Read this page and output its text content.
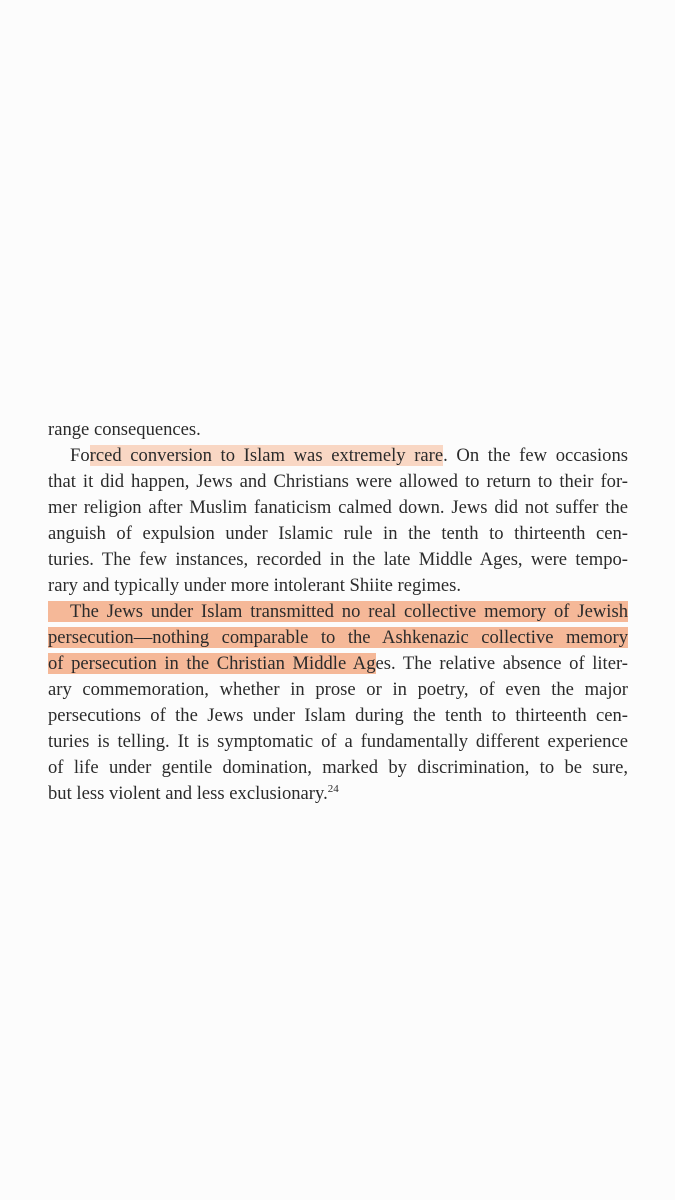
range consequences.
Forced conversion to Islam was extremely rare. On the few occasions
that it did happen, Jews and Christians were allowed to return to their for-
mer religion after Muslim fanaticism calmed down. Jews did not suffer the
anguish of expulsion under Islamic rule in the tenth to thirteenth cen-
turies. The few instances, recorded in the late Middle Ages, were tempo-
rary and typically under more intolerant Shiite regimes.
The Jews under Islam transmitted no real collective memory of Jewish
persecution—nothing comparable to the Ashkenazic collective memory
of persecution in the Christian Middle Ages. The relative absence of liter-
ary commemoration, whether in prose or in poetry, of even the major
persecutions of the Jews under Islam during the tenth to thirteenth cen-
turies is telling. It is symptomatic of a fundamentally different experience
of life under gentile domination, marked by discrimination, to be sure,
but less violent and less exclusionary.$^{24}$
